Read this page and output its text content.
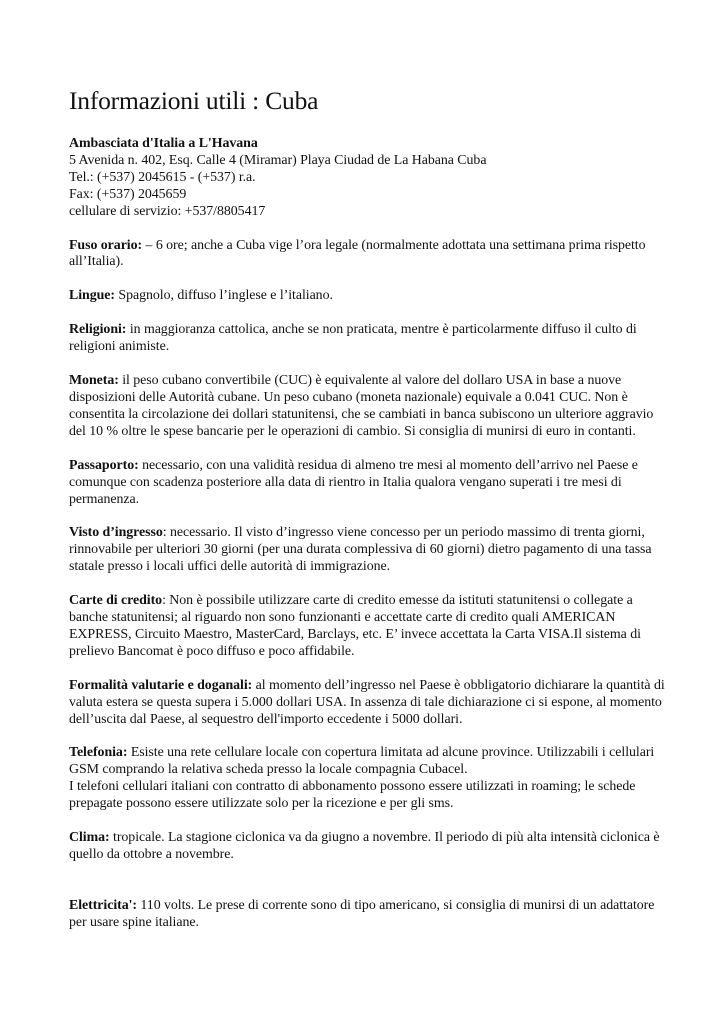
Informazioni utili : Cuba
Ambasciata d'Italia a L'Havana
5 Avenida n. 402, Esq. Calle 4 (Miramar) Playa Ciudad de La Habana Cuba
Tel.: (+537) 2045615 - (+537) r.a.
Fax: (+537) 2045659
cellulare di servizio: +537/8805417

Fuso orario: – 6 ore; anche a Cuba vige l’ora legale (normalmente adottata una settimana prima rispetto all’Italia).

Lingue: Spagnolo, diffuso l’inglese e l’italiano.

Religioni: in maggioranza cattolica, anche se non praticata, mentre è particolarmente diffuso il culto di religioni animiste.

Moneta: il peso cubano convertibile (CUC) è equivalente al valore del dollaro USA in base a nuove disposizioni delle Autorità cubane. Un peso cubano (moneta nazionale) equivale a 0.041 CUC. Non è consentita la circolazione dei dollari statunitensi, che se cambiati in banca subiscono un ulteriore aggravio del 10 % oltre le spese bancarie per le operazioni di cambio. Si consiglia di munirsi di euro in contanti.

Passaporto: necessario, con una validità residua di almeno tre mesi al momento dell’arrivo nel Paese e comunque con scadenza posteriore alla data di rientro in Italia qualora vengano superati i tre mesi di permanenza.

Visto d’ingresso: necessario. Il visto d’ingresso viene concesso per un periodo massimo di trenta giorni, rinnovabile per ulteriori 30 giorni (per una durata complessiva di 60 giorni) dietro pagamento di una tassa statale presso i locali uffici delle autorità di immigrazione.

Carte di credito: Non è possibile utilizzare carte di credito emesse da istituti statunitensi o collegate a banche statunitensi; al riguardo non sono funzionanti e accettate carte di credito quali AMERICAN EXPRESS, Circuito Maestro, MasterCard, Barclays, etc. E’ invece accettata la Carta VISA.Il sistema di prelievo Bancomat è poco diffuso e poco affidabile.

Formalità valutarie e doganali: al momento dell’ingresso nel Paese è obbligatorio dichiarare la quantità di valuta estera se questa supera i 5.000 dollari USA. In assenza di tale dichiarazione ci si espone, al momento dell’uscita dal Paese, al sequestro dell'importo eccedente i 5000 dollari.

Telefonia: Esiste una rete cellulare locale con copertura limitata ad alcune province. Utilizzabili i cellulari GSM comprando la relativa scheda presso la locale compagnia Cubacel.

I telefoni cellulari italiani con contratto di abbonamento possono essere utilizzati in roaming; le schede prepagate possono essere utilizzate solo per la ricezione e per gli sms.

Clima: tropicale. La stagione ciclonica va da giugno a novembre. Il periodo di più alta intensità ciclonica è quello da ottobre a novembre.

Elettricita': 110 volts. Le prese di corrente sono di tipo americano, si consiglia di munirsi di un adattatore per usare spine italiane.
